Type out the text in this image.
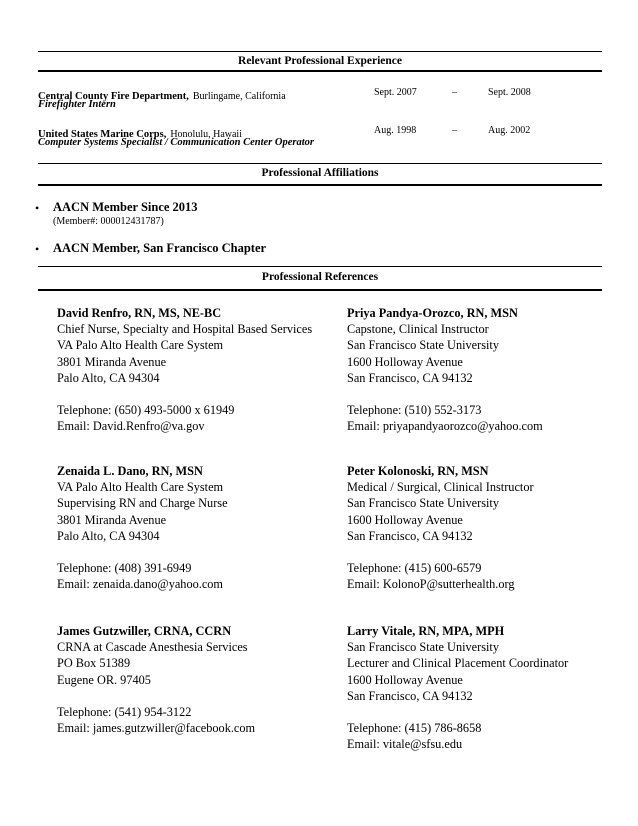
Relevant Professional Experience
Central County Fire Department, Burlingame, California
Firefighter Intern
Sept. 2007	–	Sept. 2008
United States Marine Corps, Honolulu, Hawaii
Computer Systems Specialist / Communication Center Operator
Aug. 1998	–	Aug. 2002
Professional Affiliations
• AACN Member Since 2013
(Member#: 000012431787)
• AACN Member, San Francisco Chapter
Professional References
David Renfro, RN, MS, NE-BC
Chief Nurse, Specialty and Hospital Based Services
VA Palo Alto Health Care System
3801 Miranda Avenue
Palo Alto, CA 94304
Telephone: (650) 493-5000 x 61949
Email: David.Renfro@va.gov
Priya Pandya-Orozco, RN, MSN
Capstone, Clinical Instructor
San Francisco State University
1600 Holloway Avenue
San Francisco, CA 94132
Telephone: (510) 552-3173
Email: priyapandyaorozco@yahoo.com
Zenaida L. Dano, RN, MSN
VA Palo Alto Health Care System
Supervising RN and Charge Nurse
3801 Miranda Avenue
Palo Alto, CA 94304
Telephone: (408) 391-6949
Email: zenaida.dano@yahoo.com
Peter Kolonoski, RN, MSN
Medical / Surgical, Clinical Instructor
San Francisco State University
1600 Holloway Avenue
San Francisco, CA 94132
Telephone: (415) 600-6579
Email: KolonoP@sutterhealth.org
James Gutzwiller, CRNA, CCRN
CRNA at Cascade Anesthesia Services
PO Box 51389
Eugene OR. 97405
Telephone: (541) 954-3122
Email: james.gutzwiller@facebook.com
Larry Vitale, RN, MPA, MPH
San Francisco State University
Lecturer and Clinical Placement Coordinator
1600 Holloway Avenue
San Francisco, CA 94132
Telephone: (415) 786-8658
Email: vitale@sfsu.edu
